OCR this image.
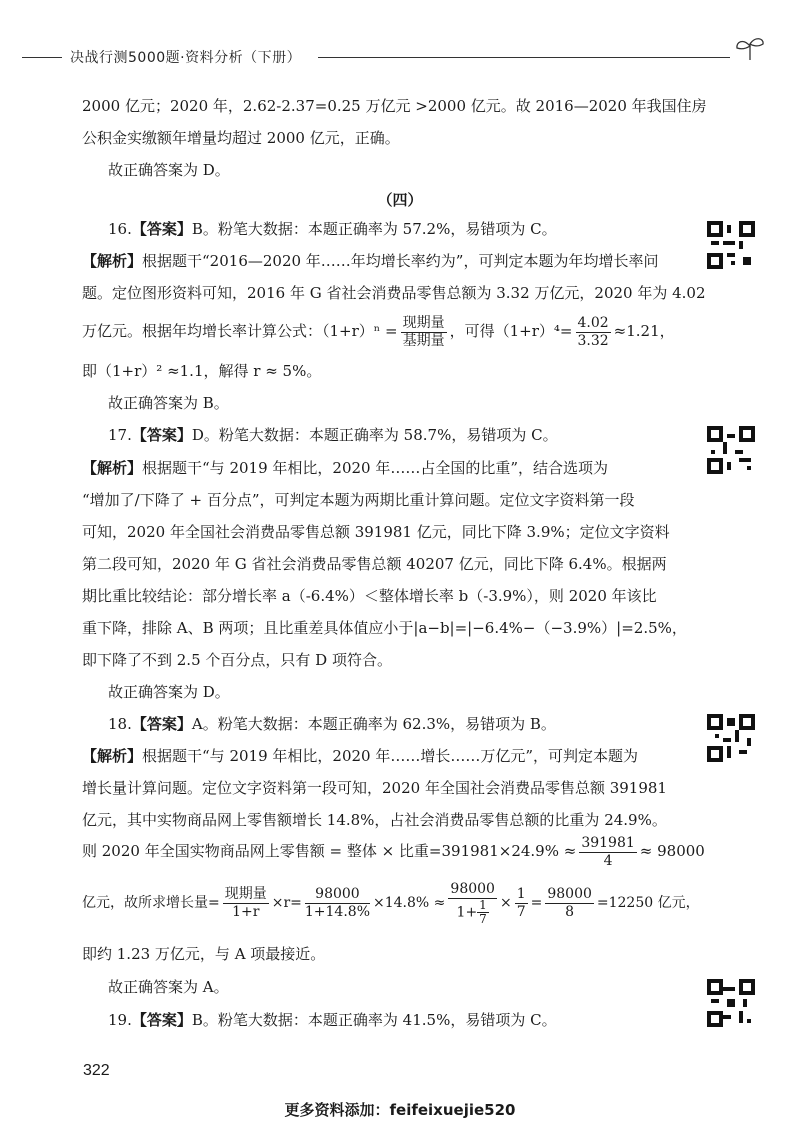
决战行测5000题·资料分析（下册）
2000 亿元；2020 年，2.62-2.37=0.25 万亿元 >2000 亿元。故 2016—2020 年我国住房
公积金实缴额年增量均超过 2000 亿元，正确。
故正确答案为 D。
（四）
16.【答案】B。粉笔大数据：本题正确率为 57.2%，易错项为 C。
【解析】根据题干“2016—2020 年……年均增长率约为”，可判定本题为年均增长率问
题。定位图形资料可知，2016 年 G 省社会消费品零售总额为 3.32 万亿元，2020 年为 4.02
万亿元。根据年均增长率计算公式：$(1+r)^n = \frac{\text{现期量}}{\text{基期量}}$ ，可得$(1+r)^4= \frac{4.02}{3.32} \approx 1.21$，
即（1+r）² ≈1.1，解得 r ≈ 5%。
故正确答案为 B。
17.【答案】D。粉笔大数据：本题正确率为 58.7%，易错项为 C。
【解析】根据题干“与 2019 年相比，2020 年……占全国的比重”，结合选项为
“增加了/下降了 + 百分点”，可判定本题为两期比重计算问题。定位文字资料第一段
可知，2020 年全国社会消费品零售总额 391981 亿元，同比下降 3.9%；定位文字资料
第二段可知，2020 年 G 省社会消费品零售总额 40207 亿元，同比下降 6.4%。根据两
期比重比较结论：部分增长率 a（-6.4%）＜整体增长率 b（-3.9%），则 2020 年该比
重下降，排除 A、B 两项；且比重差具体值应小于|a−b|=|−6.4%−（−3.9%）|=2.5%，
即下降了不到 2.5 个百分点，只有 D 项符合。
故正确答案为 D。
18.【答案】A。粉笔大数据：本题正确率为 62.3%，易错项为 B。
【解析】根据题干“与 2019 年相比，2020 年……增长……万亿元”，可判定本题为
增长量计算问题。定位文字资料第一段可知，2020 年全国社会消费品零售总额 391981
亿元，其中实物商品网上零售额增长 14.8%，占社会消费品零售总额的比重为 24.9%。
则 2020 年全国实物商品网上零售额 = 整体 × 比重$=391981\times 24.9\% \approx \frac{391981}{4} \approx 98000$
亿元，故所求增长量= $\frac{\text{现期量}}{1+r} \times r= \frac{98000}{1+14.8\%} \times 14.8\% \approx \frac{98000}{1+ \frac{1}{7}} \times \frac{1}{7} = \frac{98000}{8} =12250$ 亿元，
即约 1.23 万亿元，与 A 项最接近。
故正确答案为 A。
19.【答案】B。粉笔大数据：本题正确率为 41.5%，易错项为 C。
322
更多资料添加：feifeixuejie520
